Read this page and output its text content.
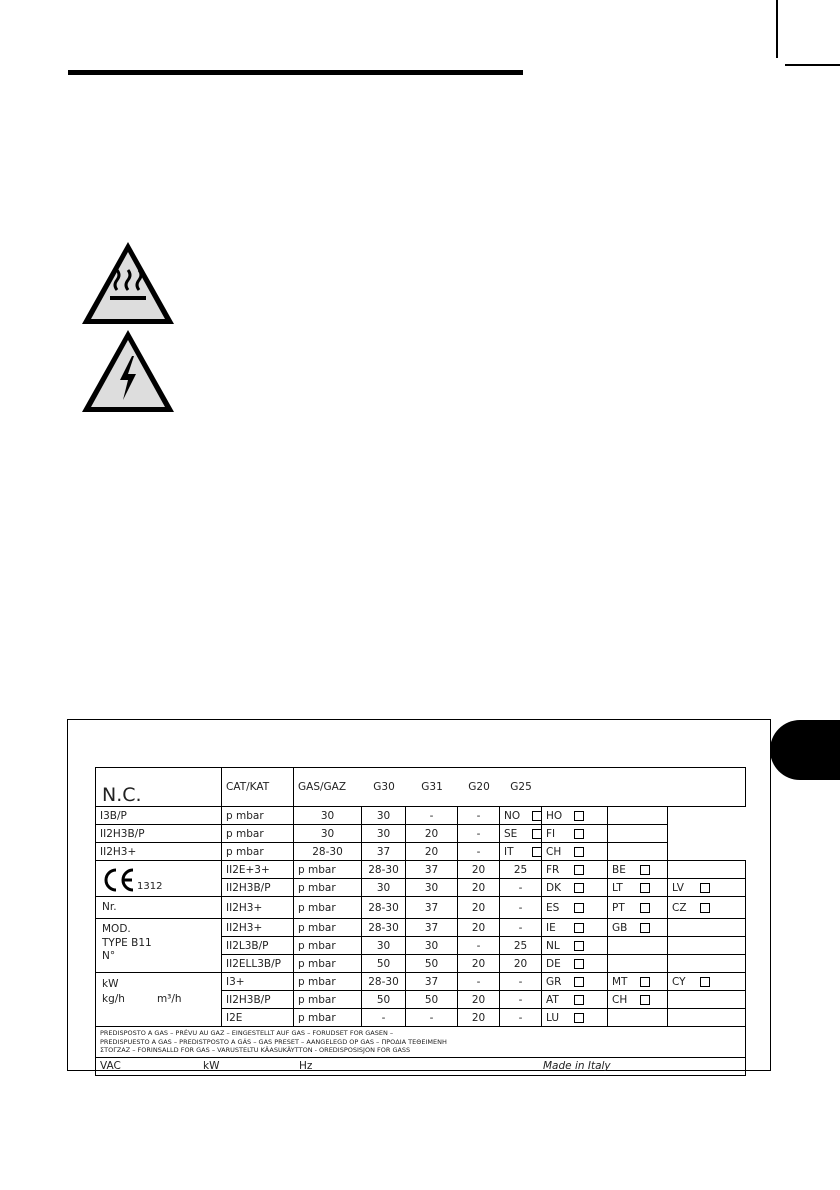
N.C.	CAT/KAT	GAS/GAZ G30 G31 G20 G25							
I3B/P	p mbar	30	30	-	-	NO	HO		
II2H3B/P	p mbar	30	30	20	-	SE	FI		
II2H3+	p mbar	28-30	37	20	-	IT	CH		

1312	II2E+3+	p mbar	28-30	37	20	25	FR	BE	
	II2H3B/P	p mbar	30	30	20	-	DK	LT	LV
Nr.	II2H3+	p mbar	28-30	37	20	-	ES	PT	CZ

MOD.
TYPE B11
N°	II2H3+	p mbar	28-30	37	20	-	IE	GB	
	II2L3B/P	p mbar	30	30	-	25	NL		
	II2ELL3B/P	p mbar	50	50	20	20	DE		

kW
kg/h m³/h	I3+	p mbar	28-30	37	-	-	GR	MT	CY
	II2H3B/P	p mbar	50	50	20	-	AT	CH	
	I2E	p mbar	-	-	20	-	LU		

PREDISPOSTO A GAS – PRÉVU AU GAZ – EINGESTELLT AUF GAS – FORUDSET FOR GASEN –
PREDISPUESTO A GAS – PREDISTPOSTO A GÁS – GAS PRESET – AANGELEGD OP GAS – ΠΡΟΔΙΑ ΤΕΘΕΙΜΕΝΗ
ΣΤΟΓΖΑΖ – FORINSALLD FOR GAS – VARUSTELTU KÄASUKÄYTTON - OREDISPOSISJON FOR GASS									

VAC kW Hz Made in Italy									
